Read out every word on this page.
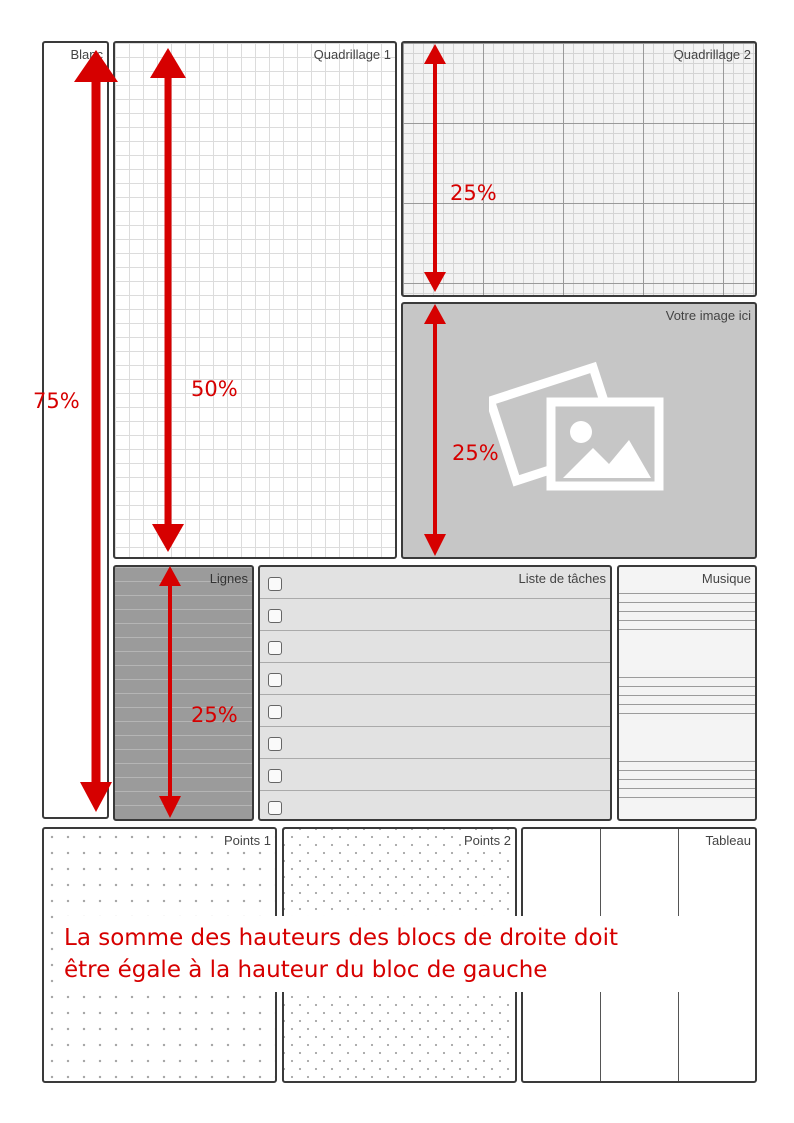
Blanc	Quadrillage 1	Quadrillage 2
Votre image ici
Lignes	Liste de tâches	Musique
Points 1	Points 2	Tableau
75%	50%
25%
25%
25%
La somme des hauteurs des blocs de droite doit
être égale à la hauteur du bloc de gauche
